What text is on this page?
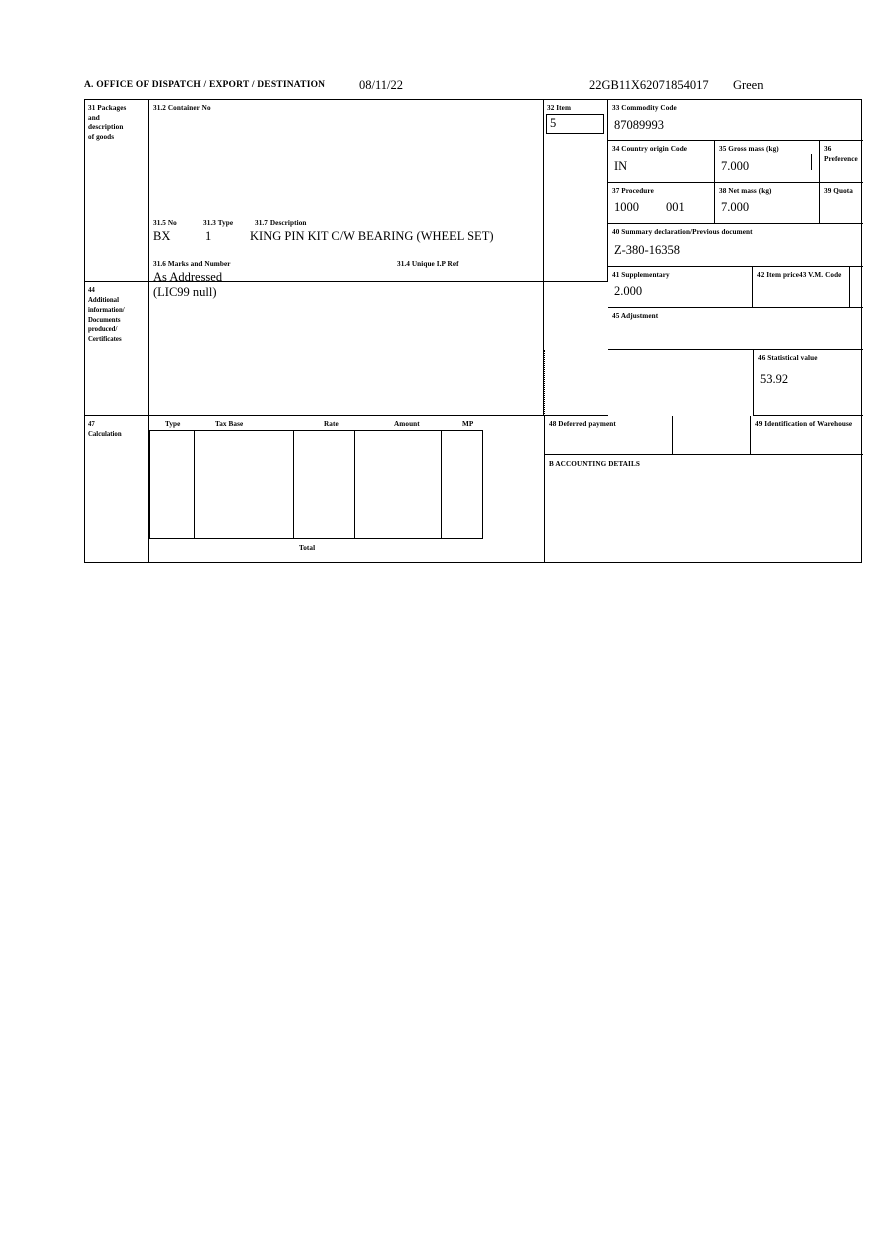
A. OFFICE OF DISPATCH / EXPORT / DESTINATION	08/11/22	22GB11X62071854017 Green
31 Packages
and
description
of goods
31.2 Container No
31.5 No	31.3 Type	31.7 Description
BX	1	KING PIN KIT C/W BEARING (WHEEL SET)
31.6 Marks and Number	31.4 Unique I.P Ref
As Addressed
32 Item
5
33 Commodity Code
87089993
34 Country origin Code
IN
35 Gross mass (kg)
7.000
36 Preference
37 Procedure
1000 001
38 Net mass (kg)
7.000
39 Quota
40 Summary declaration/Previous document
Z-380-16358
41 Supplementary
2.000
42 Item price 43 V.M. Code
44
Additional
information/
Documents
produced/
Certificates
(LIC99 null)
45 Adjustment
46 Statistical value
53.92
47
Calculation
Type	Tax Base	Rate	Amount	MP
Total
48 Deferred payment	49 Identification of Warehouse
B ACCOUNTING DETAILS
